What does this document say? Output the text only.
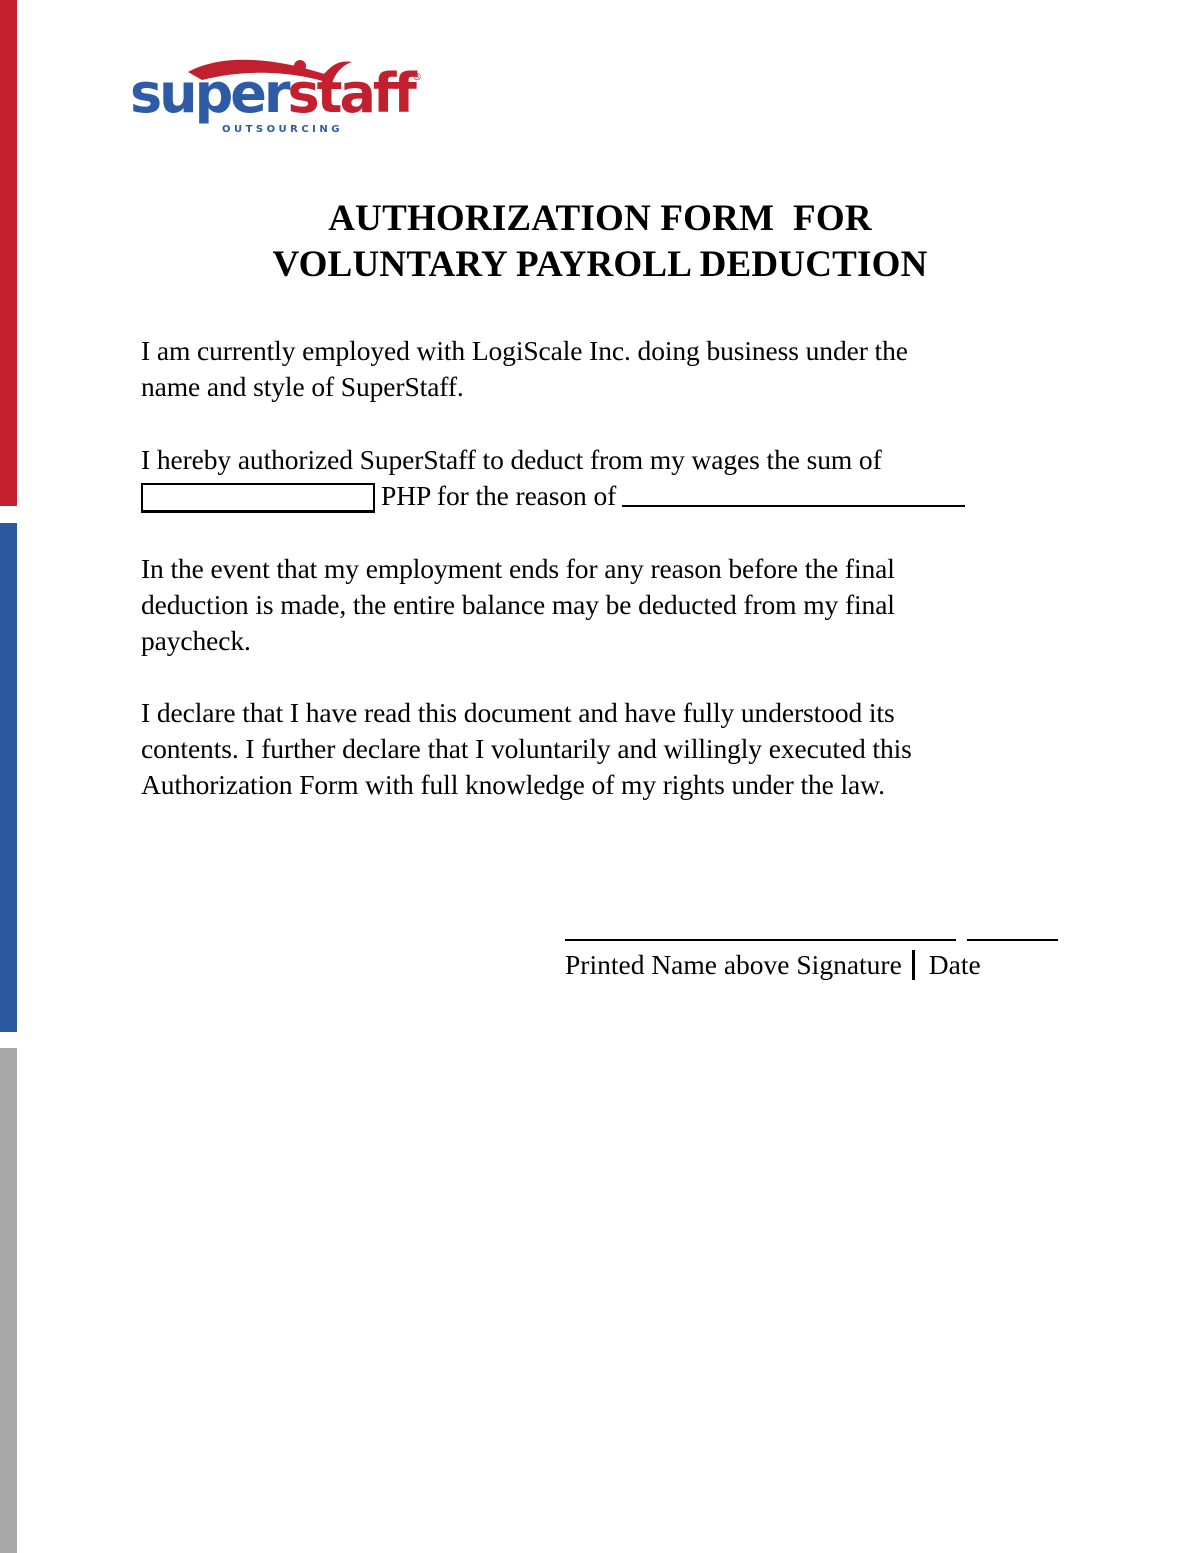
superstaff
®
O U T S O U R C I N G
AUTHORIZATION FORM  FOR
VOLUNTARY PAYROLL DEDUCTION
I am currently employed with LogiScale Inc. doing business under the
name and style of SuperStaff.
I hereby authorized SuperStaff to deduct from my wages the sum of
PHP for the reason of
In the event that my employment ends for any reason before the final
deduction is made, the entire balance may be deducted from my final
paycheck.
I declare that I have read this document and have fully understood its
contents. I further declare that I voluntarily and willingly executed this
Authorization Form with full knowledge of my rights under the law.
Printed Name above Signature Date
